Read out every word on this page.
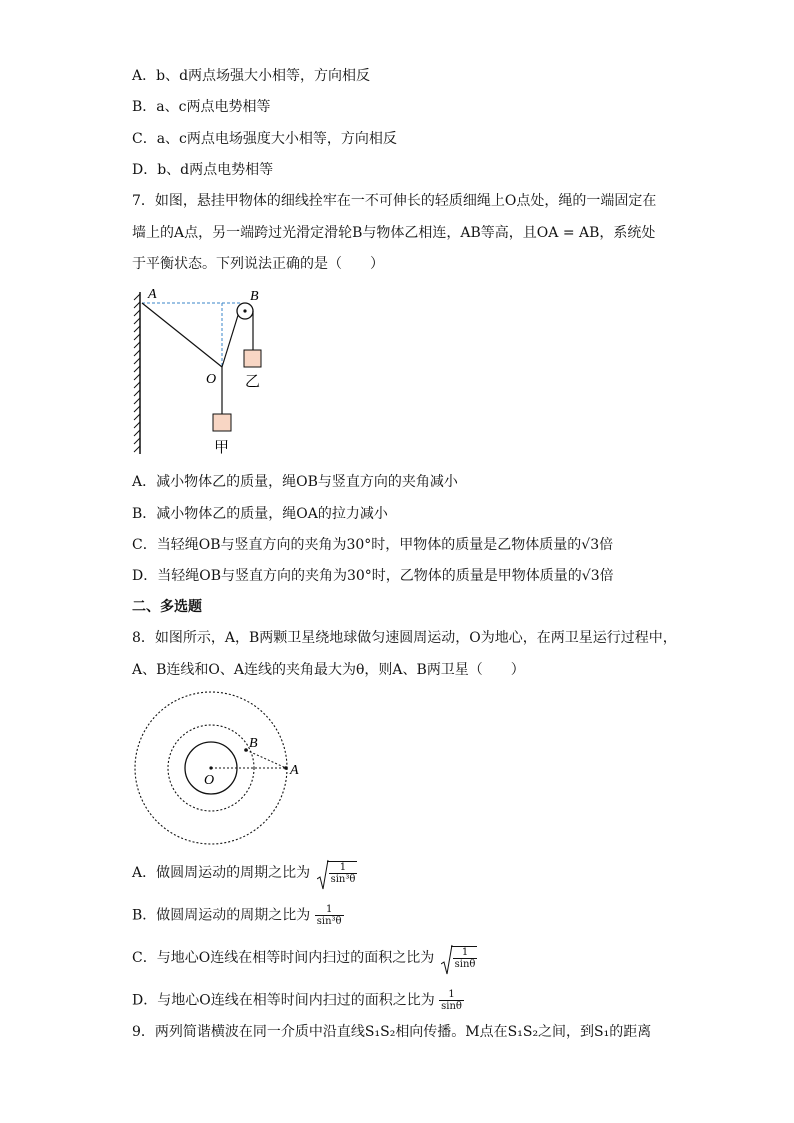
A．b、d两点场强大小相等，方向相反
B．a、c两点电势相等
C．a、c两点电场强度大小相等，方向相反
D．b、d两点电势相等
7．如图，悬挂甲物体的细线拴牢在一不可伸长的轻质细绳上O点处，绳的一端固定在
墙上的A点，另一端跨过光滑定滑轮B与物体乙相连，AB等高，且OA = AB，系统处
于平衡状态。下列说法正确的是（　　）
A	B
O 乙
甲
A．减小物体乙的质量，绳OB与竖直方向的夹角减小
B．减小物体乙的质量，绳OA的拉力减小
C．当轻绳OB与竖直方向的夹角为30°时，甲物体的质量是乙物体质量的√3倍
D．当轻绳OB与竖直方向的夹角为30°时，乙物体的质量是甲物体质量的√3倍
二、多选题
8．如图所示，A，B两颗卫星绕地球做匀速圆周运动，O为地心，在两卫星运行过程中，
A、B连线和O、A连线的夹角最大为θ，则A、B两卫星（　　）
O
A
B
A．做圆周运动的周期之比为 $\frac{1}{\text{sin³θ}}$
B．做圆周运动的周期之比为 $\frac{1}{\text{sin³θ}}$
C．与地心O连线在相等时间内扫过的面积之比为 $\frac{1}{\sin\theta}$
D．与地心O连线在相等时间内扫过的面积之比为 $\frac{1}{\sin\theta}$
9．两列简谐横波在同一介质中沿直线S₁S₂相向传播。M点在S₁S₂之间，到S₁的距离
